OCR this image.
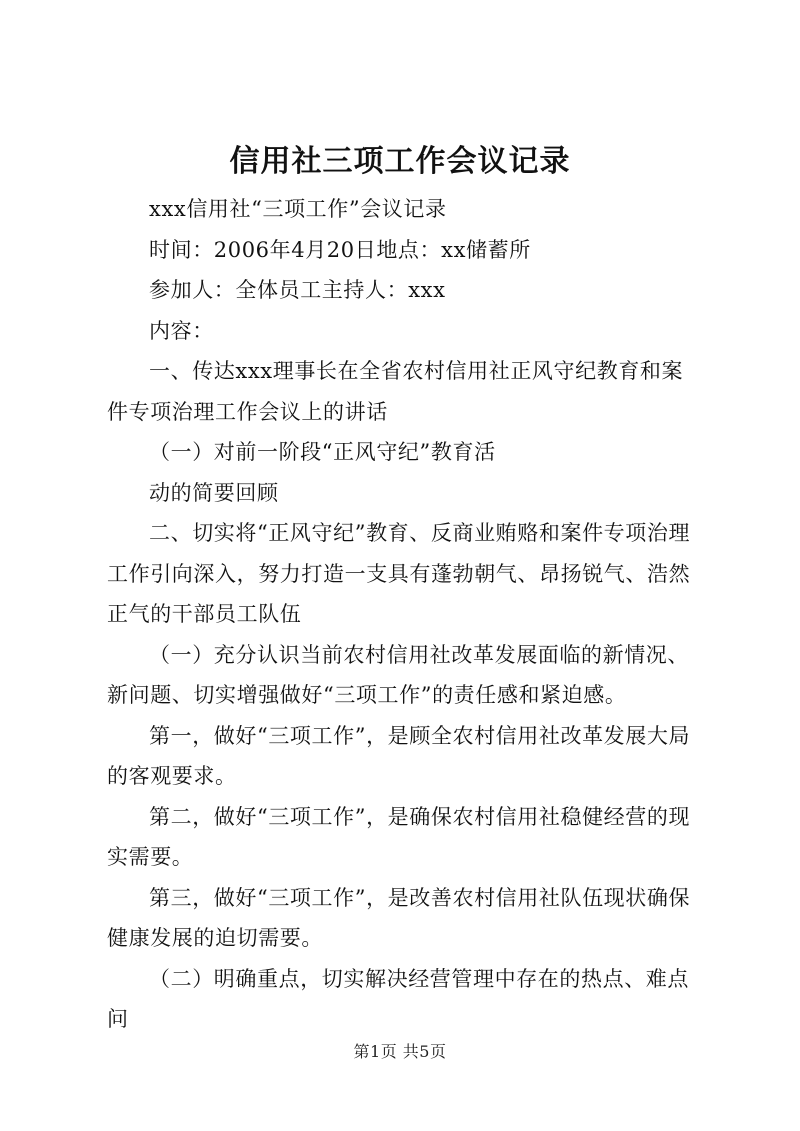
信用社三项工作会议记录

xxx信用社“三项工作”会议记录

时间：2006年4月20日地点：xx储蓄所

参加人：全体员工主持人：xxx

内容：

一、传达xxx理事长在全省农村信用社正风守纪教育和案件专项治理工作会议上的讲话

（一）对前一阶段“正风守纪”教育活

动的简要回顾

二、切实将“正风守纪”教育、反商业贿赂和案件专项治理工作引向深入，努力打造一支具有蓬勃朝气、昂扬锐气、浩然正气的干部员工队伍

（一）充分认识当前农村信用社改革发展面临的新情况、新问题、切实增强做好“三项工作”的责任感和紧迫感。

第一，做好“三项工作”，是顾全农村信用社改革发展大局的客观要求。

第二，做好“三项工作”，是确保农村信用社稳健经营的现实需要。

第三，做好“三项工作”，是改善农村信用社队伍现状确保健康发展的迫切需要。

（二）明确重点，切实解决经营管理中存在的热点、难点问

第1页 共5页
